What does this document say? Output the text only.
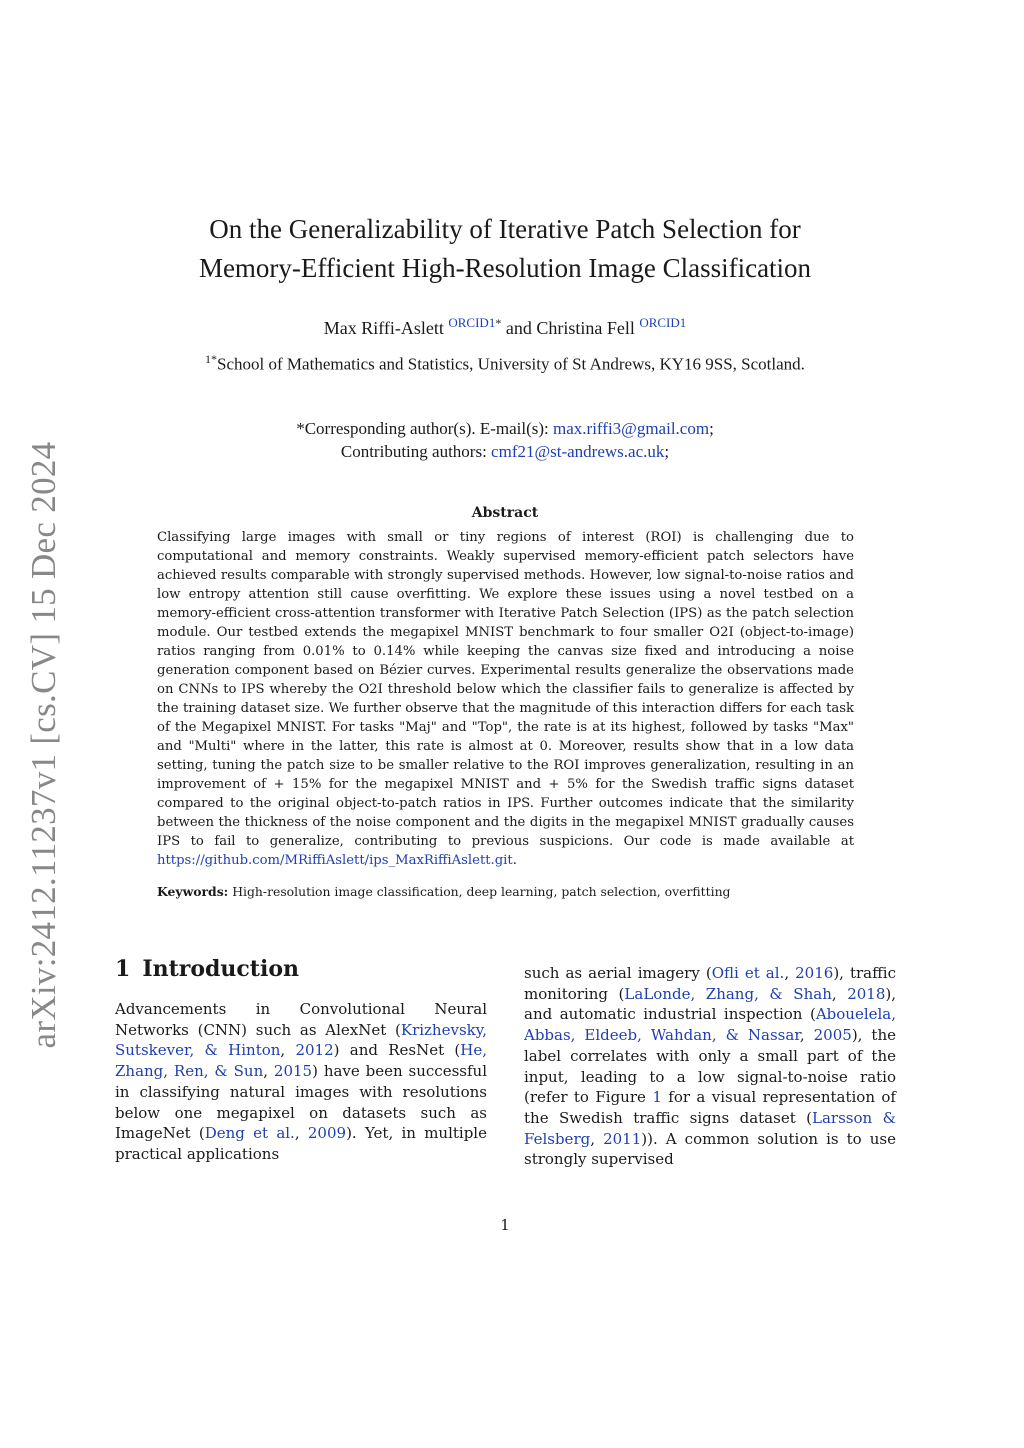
arXiv:2412.11237v1 [cs.CV] 15 Dec 2024
On the Generalizability of Iterative Patch Selection for
Memory-Efficient High-Resolution Image Classification
Max Riffi-Aslett $^{ORCID1*}$ and Christina Fell $^{ORCID1}$
$^{1*}$School of Mathematics and Statistics, University of St Andrews, KY16 9SS, Scotland.
*Corresponding author(s). E-mail(s): max.riffi3@gmail.com;
Contributing authors: cmf21@st-andrews.ac.uk;
Abstract

Classifying large images with small or tiny regions of interest (ROI) is challenging due to computational and memory constraints. Weakly supervised memory-efficient patch selectors have achieved results comparable with strongly supervised methods. However, low signal-to-noise ratios and low entropy attention still cause overfitting. We explore these issues using a novel testbed on a memory-efficient cross-attention transformer with Iterative Patch Selection (IPS) as the patch selection module. Our testbed extends the megapixel MNIST benchmark to four smaller O2I (object-to-image) ratios ranging from 0.01% to 0.14% while keeping the canvas size fixed and introducing a noise generation component based on Bézier curves. Experimental results generalize the observations made on CNNs to IPS whereby the O2I threshold below which the classifier fails to generalize is affected by the training dataset size. We further observe that the magnitude of this interaction differs for each task of the Megapixel MNIST. For tasks "Maj" and "Top", the rate is at its highest, followed by tasks "Max" and "Multi" where in the latter, this rate is almost at 0. Moreover, results show that in a low data setting, tuning the patch size to be smaller relative to the ROI improves generalization, resulting in an improvement of + 15% for the megapixel MNIST and + 5% for the Swedish traffic signs dataset compared to the original object-to-patch ratios in IPS. Further outcomes indicate that the similarity between the thickness of the noise component and the digits in the megapixel MNIST gradually causes IPS to fail to generalize, contributing to previous suspicions. Our code is made available at https://github.com/MRiffiAslett/ips_MaxRiffiAslett.git.

Keywords: High-resolution image classification, deep learning, patch selection, overfitting
1 Introduction

Advancements in Convolutional Neural Networks (CNN) such as AlexNet (Krizhevsky, Sutskever, & Hinton, 2012) and ResNet (He, Zhang, Ren, & Sun, 2015) have been successful in classifying natural images with resolutions below one megapixel on datasets such as ImageNet (Deng et al., 2009). Yet, in multiple practical applications

such as aerial imagery (Ofli et al., 2016), traffic monitoring (LaLonde, Zhang, & Shah, 2018), and automatic industrial inspection (Abouelela, Abbas, Eldeeb, Wahdan, & Nassar, 2005), the label correlates with only a small part of the input, leading to a low signal-to-noise ratio (refer to Figure 1 for a visual representation of the Swedish traffic signs dataset (Larsson & Felsberg, 2011)). A common solution is to use strongly supervised

1
